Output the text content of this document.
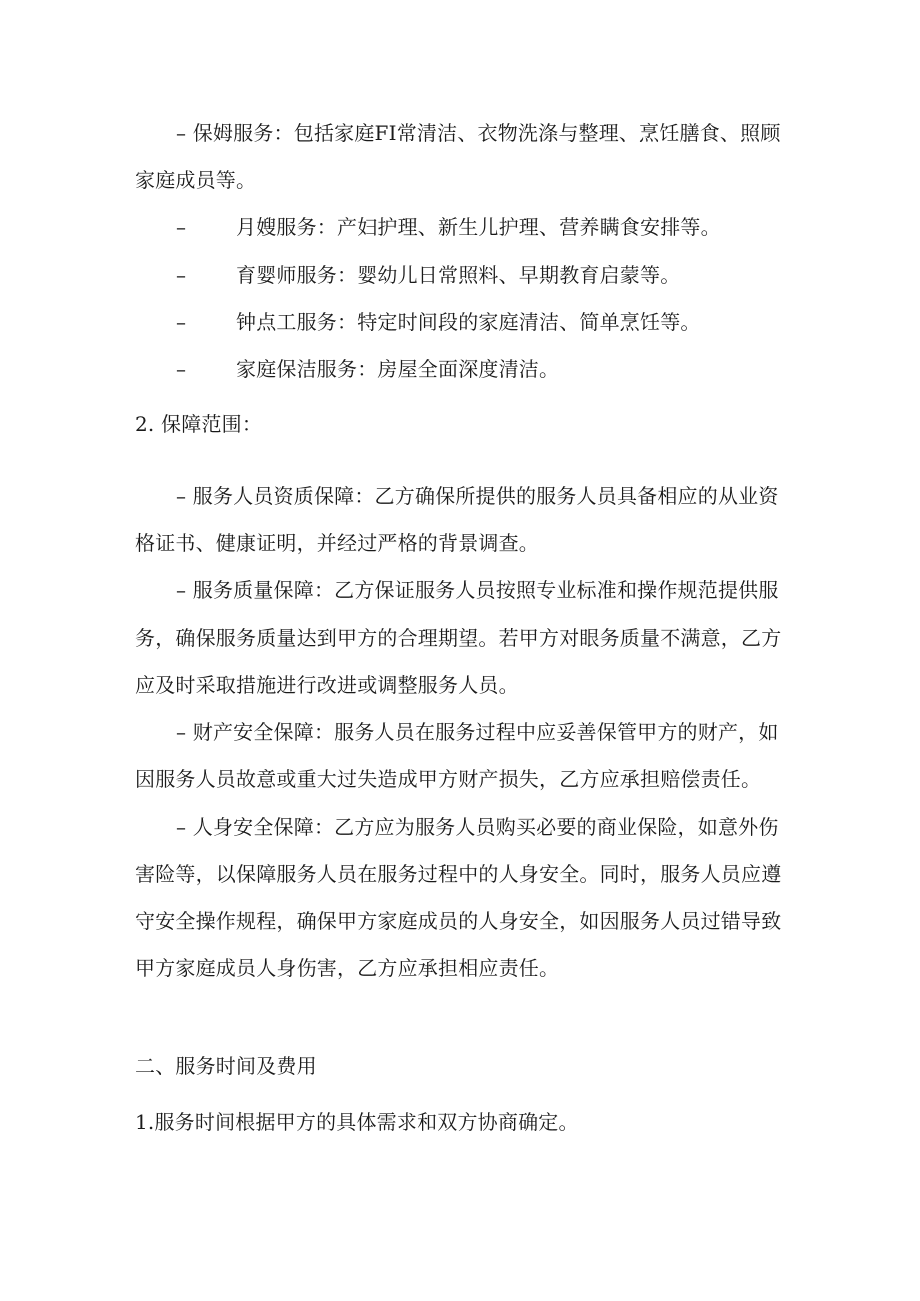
– 保姆服务：包括家庭FI常清洁、衣物洗涤与整理、烹饪膳食、照顾
家庭成员等。
– 月嫂服务：产妇护理、新生儿护理、营养瞒食安排等。
– 育婴师服务：婴幼儿日常照料、早期教育启蒙等。
– 钟点工服务：特定时间段的家庭清洁、简单烹饪等。
– 家庭保洁服务：房屋全面深度清洁。
2. 保障范围：
– 服务人员资质保障：乙方确保所提供的服务人员具备相应的从业资
格证书、健康证明，并经过严格的背景调查。
– 服务质量保障：乙方保证服务人员按照专业标准和操作规范提供服
务，确保服务质量达到甲方的合理期望。若甲方对眼务质量不满意，乙方
应及时采取措施进行改进或调整服务人员。
– 财产安全保障：服务人员在服务过程中应妥善保管甲方的财产，如
因服务人员故意或重大过失造成甲方财产损失，乙方应承担赔偿责任。
– 人身安全保障：乙方应为服务人员购买必要的商业保险，如意外伤
害险等，以保障服务人员在服务过程中的人身安全。同时，服务人员应遵
守安全操作规程，确保甲方家庭成员的人身安全，如因服务人员过错导致
甲方家庭成员人身伤害，乙方应承担相应责任。
二、服务时间及费用
1.服务时间根据甲方的具体需求和双方协商确定。
